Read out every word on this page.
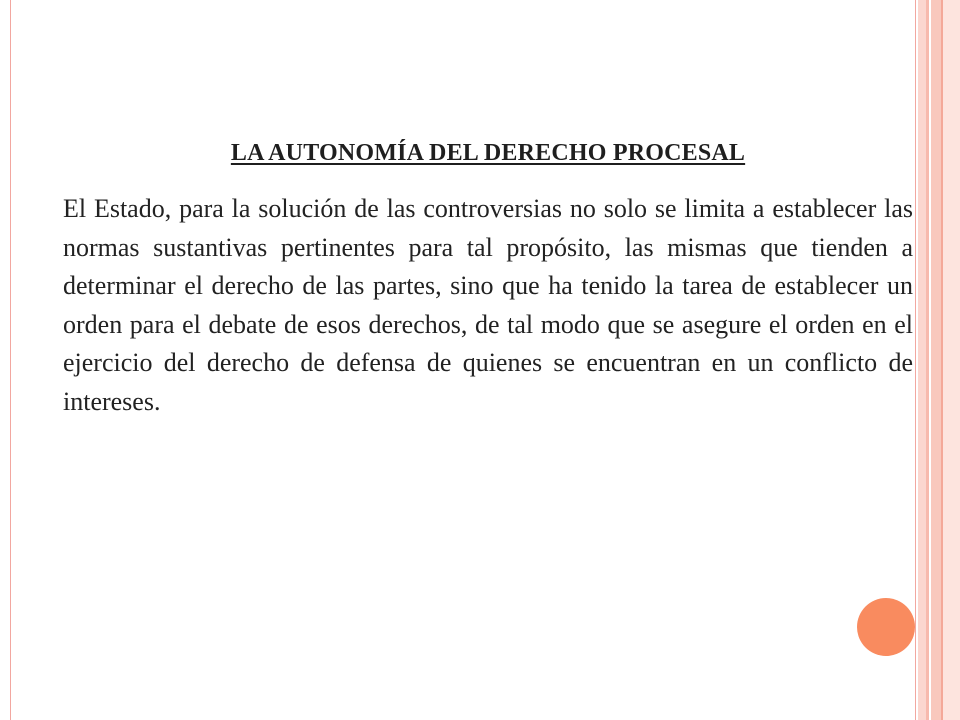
LA AUTONOMÍA DEL DERECHO PROCESAL

El Estado, para la solución de las controversias no solo se limita a establecer las normas sustantivas pertinentes para tal propósito, las mismas que tienden a determinar el derecho de las partes, sino que ha tenido la tarea de establecer un orden para el debate de esos derechos, de tal modo que se asegure el orden en el ejercicio del derecho de defensa de quienes se encuentran en un conflicto de intereses.
